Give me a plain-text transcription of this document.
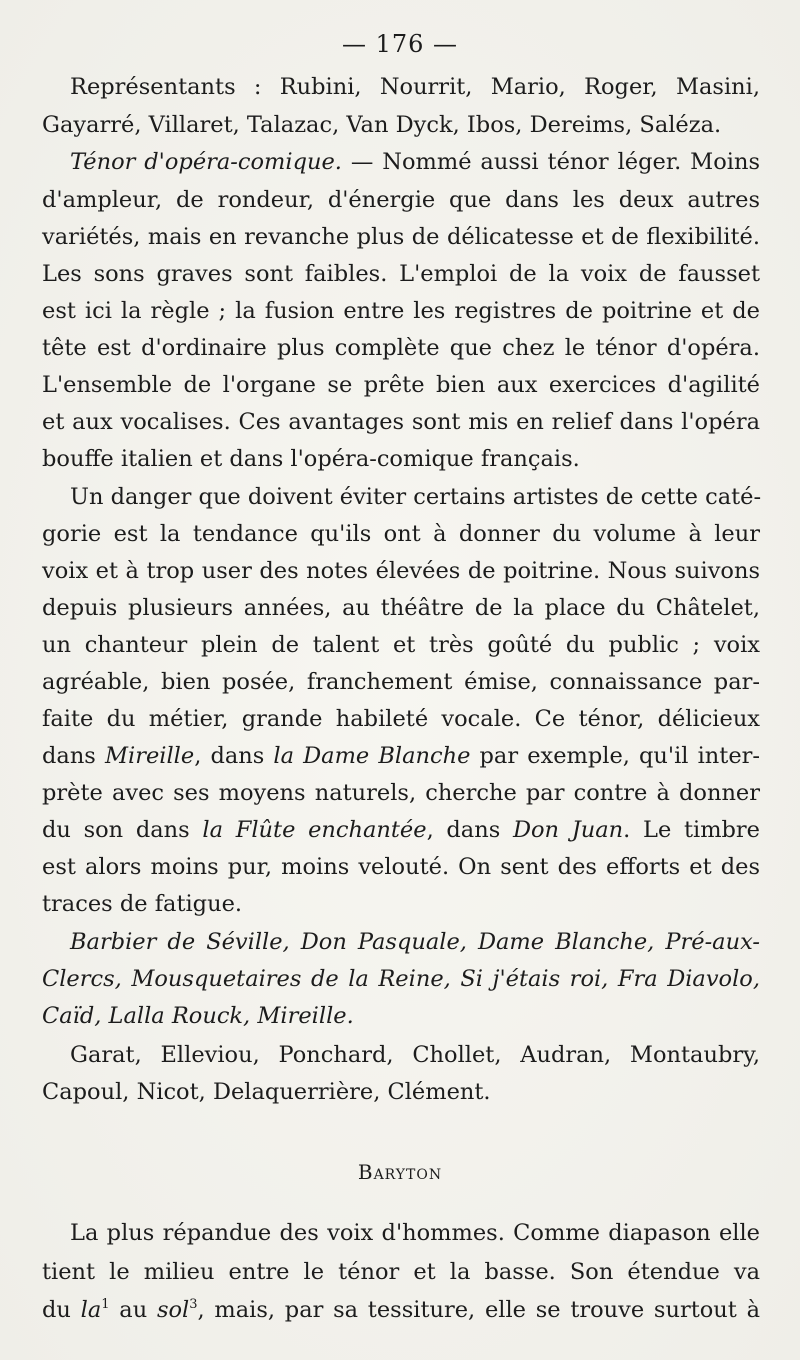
— 176 —
Représentants : Rubini, Nourrit, Mario, Roger, Masini,
Gayarré, Villaret, Talazac, Van Dyck, Ibos, Dereims, Saléza.
Ténor d'opéra-comique. — Nommé aussi ténor léger. Moins
d'ampleur, de rondeur, d'énergie que dans les deux autres
variétés, mais en revanche plus de délicatesse et de flexibilité.
Les sons graves sont faibles. L'emploi de la voix de fausset
est ici la règle ; la fusion entre les registres de poitrine et de
tête est d'ordinaire plus complète que chez le ténor d'opéra.
L'ensemble de l'organe se prête bien aux exercices d'agilité
et aux vocalises. Ces avantages sont mis en relief dans l'opéra
bouffe italien et dans l'opéra-comique français.
Un danger que doivent éviter certains artistes de cette caté-
gorie est la tendance qu'ils ont à donner du volume à leur
voix et à trop user des notes élevées de poitrine. Nous suivons
depuis plusieurs années, au théâtre de la place du Châtelet,
un chanteur plein de talent et très goûté du public ; voix
agréable, bien posée, franchement émise, connaissance par-
faite du métier, grande habileté vocale. Ce ténor, délicieux
dans Mireille, dans la Dame Blanche par exemple, qu'il inter-
prète avec ses moyens naturels, cherche par contre à donner
du son dans la Flûte enchantée, dans Don Juan. Le timbre
est alors moins pur, moins velouté. On sent des efforts et des
traces de fatigue.
Barbier de Séville, Don Pasquale, Dame Blanche, Pré-aux-
Clercs, Mousquetaires de la Reine, Si j'étais roi, Fra Diavolo,
Caïd, Lalla Rouck, Mireille.
Garat, Elleviou, Ponchard, Chollet, Audran, Montaubry,
Capoul, Nicot, Delaquerrière, Clément.
Baryton
La plus répandue des voix d'hommes. Comme diapason elle
tient le milieu entre le ténor et la basse. Son étendue va
du $la^1$ au sol$^3$, mais, par sa tessiture, elle se trouve surtout à
